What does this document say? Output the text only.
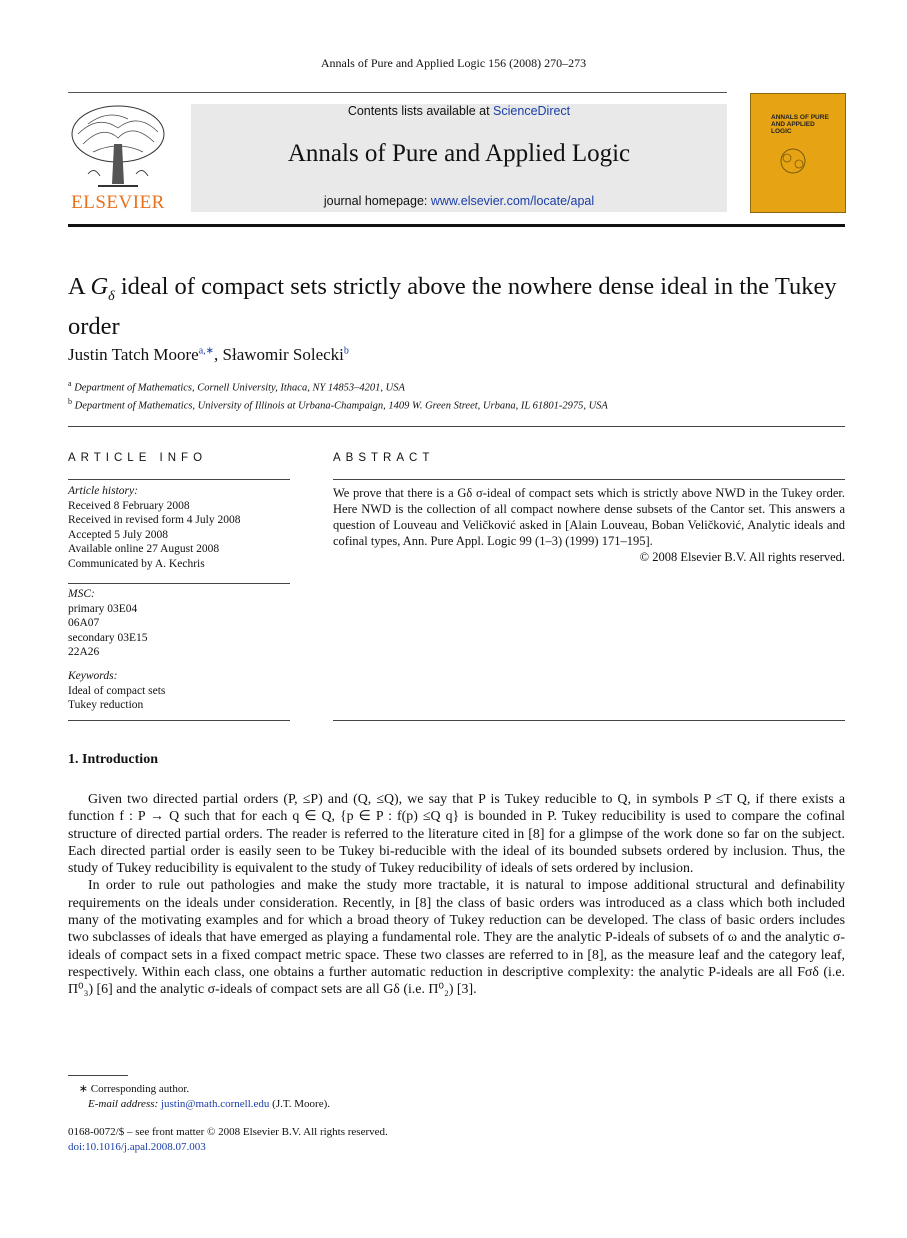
Annals of Pure and Applied Logic 156 (2008) 270–273
ELSEVIER
Contents lists available at ScienceDirect
Annals of Pure and Applied Logic
journal homepage: www.elsevier.com/locate/apal
ANNALS OF PURE AND APPLIED LOGIC
A $G_\delta$ ideal of compact sets strictly above the nowhere dense ideal in the Tukey order
Justin Tatch Moore$^{a,∗}$, Sławomir Solecki$^b$
$^a$ Department of Mathematics, Cornell University, Ithaca, NY 14853–4201, USA
$^b$ Department of Mathematics, University of Illinois at Urbana-Champaign, 1409 W. Green Street, Urbana, IL 61801-2975, USA
ARTICLE INFO	ABSTRACT
Article history:
Received 8 February 2008
Received in revised form 4 July 2008
Accepted 5 July 2008
Available online 27 August 2008
Communicated by A. Kechris
MSC:
primary 03E04
06A07
secondary 03E15
22A26
Keywords:
Ideal of compact sets
Tukey reduction
We prove that there is a Gδ σ-ideal of compact sets which is strictly above NWD in the Tukey order. Here NWD is the collection of all compact nowhere dense subsets of the Cantor set. This answers a question of Louveau and Veličković asked in [Alain Louveau, Boban Veličković, Analytic ideals and cofinal types, Ann. Pure Appl. Logic 99 (1–3) (1999) 171–195].
© 2008 Elsevier B.V. All rights reserved.
1. Introduction

Given two directed partial orders (P, ≤P) and (Q, ≤Q), we say that P is Tukey reducible to Q, in symbols P ≤T Q, if there exists a function f : P → Q such that for each q ∈ Q, {p ∈ P : f(p) ≤Q q} is bounded in P. Tukey reducibility is used to compare the cofinal structure of directed partial orders. The reader is referred to the literature cited in [8] for a glimpse of the work done so far on the subject. Each directed partial order is easily seen to be Tukey bi-reducible with the ideal of its bounded subsets ordered by inclusion. Thus, the study of Tukey reducibility is equivalent to the study of Tukey reducibility of ideals of sets ordered by inclusion.

In order to rule out pathologies and make the study more tractable, it is natural to impose additional structural and definability requirements on the ideals under consideration. Recently, in [8] the class of basic orders was introduced as a class which both included many of the motivating examples and for which a broad theory of Tukey reduction can be developed. The class of basic orders includes two subclasses of ideals that have emerged as playing a fundamental role. They are the analytic P-ideals of subsets of ω and the analytic σ-ideals of compact sets in a fixed compact metric space. These two classes are referred to in [8], as the measure leaf and the category leaf, respectively. Within each class, one obtains a further automatic reduction in descriptive complexity: the analytic P-ideals are all Fσδ (i.e. Π⁰₃) [6] and the analytic σ-ideals of compact sets are all Gδ (i.e. Π⁰₂) [3].

∗ Corresponding author.
E-mail address: justin@math.cornell.edu (J.T. Moore).
0168-0072/$ – see front matter © 2008 Elsevier B.V. All rights reserved.
doi:10.1016/j.apal.2008.07.003
